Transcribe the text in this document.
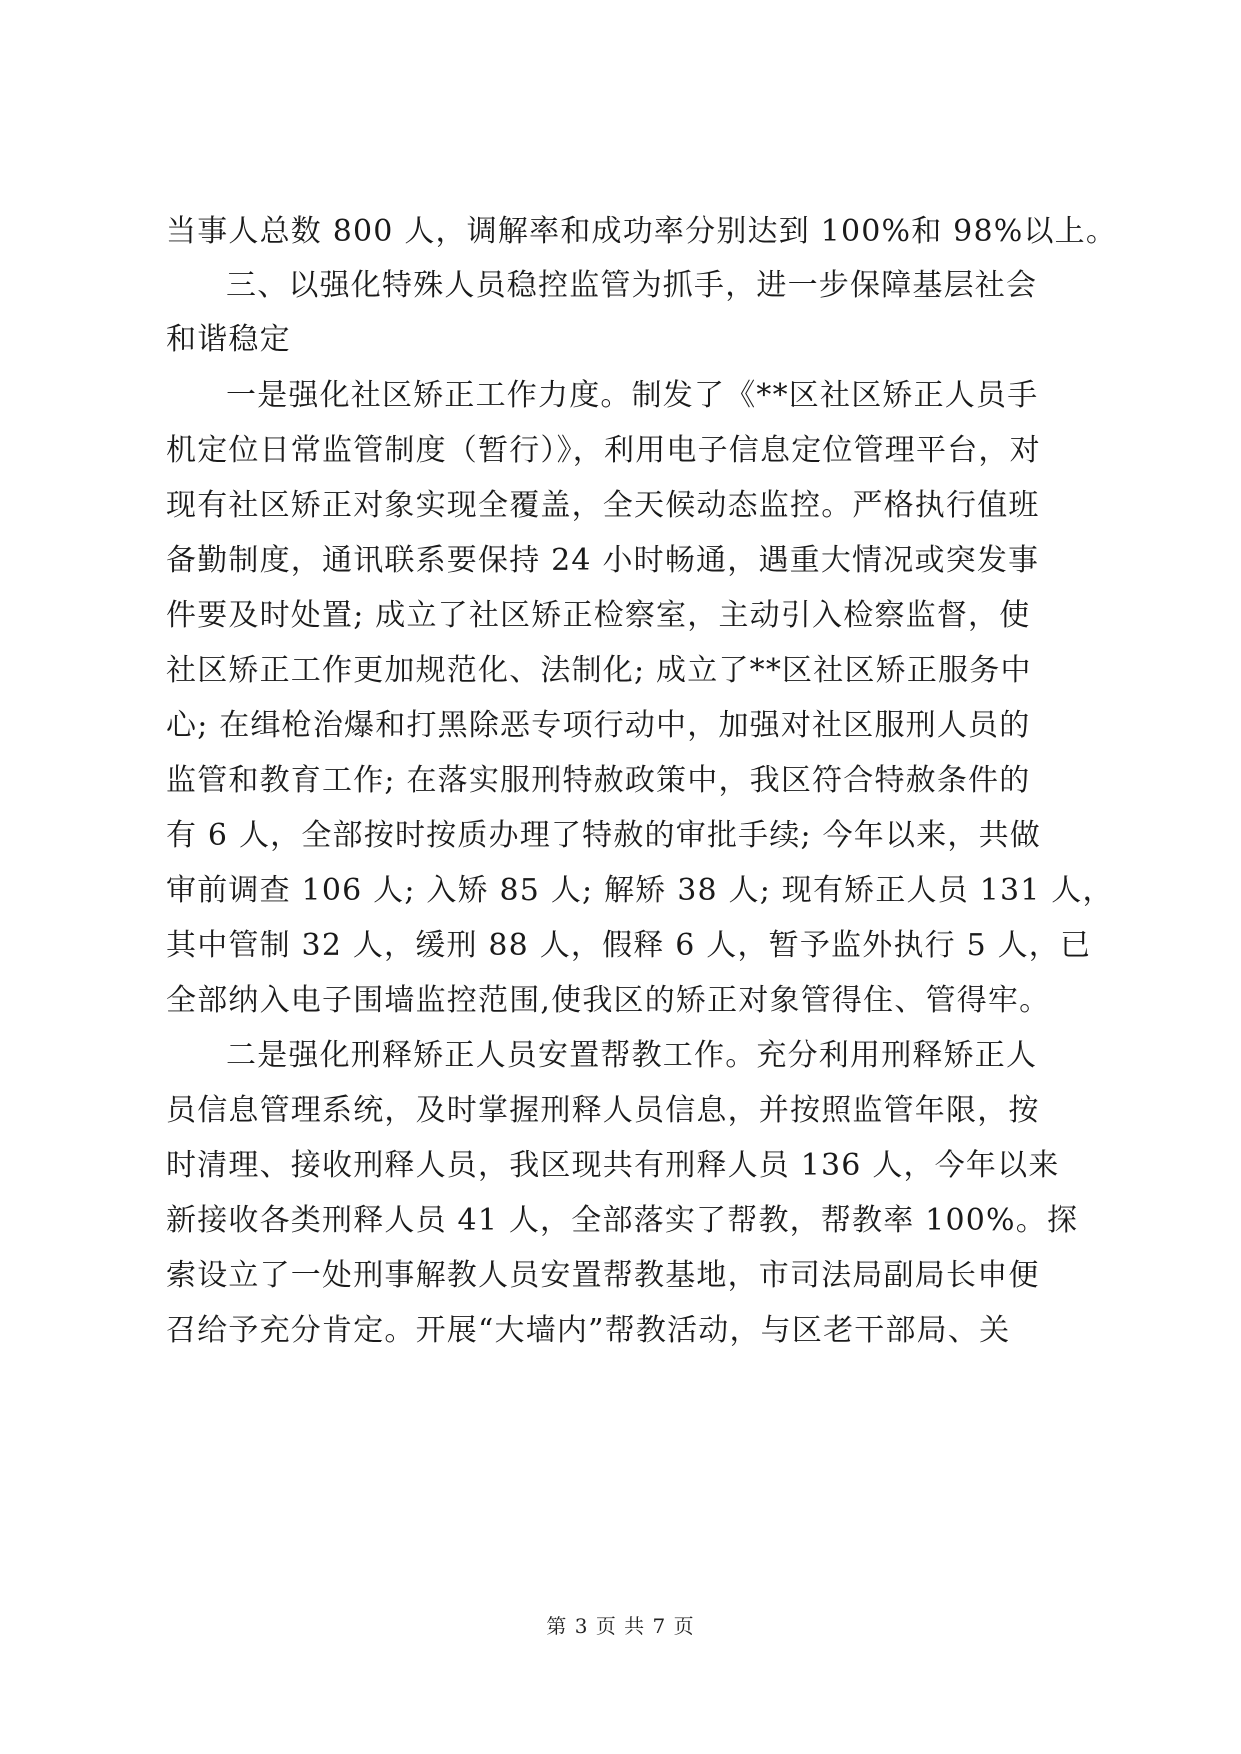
当事人总数 800 人，调解率和成功率分别达到 100%和 98%以上。
三、以强化特殊人员稳控监管为抓手，进一步保障基层社会
和谐稳定
一是强化社区矫正工作力度。制发了《**区社区矫正人员手
机定位日常监管制度（暂行）》，利用电子信息定位管理平台，对
现有社区矫正对象实现全覆盖，全天候动态监控。严格执行值班
备勤制度，通讯联系要保持 24 小时畅通，遇重大情况或突发事
件要及时处置; 成立了社区矫正检察室，主动引入检察监督，使
社区矫正工作更加规范化、法制化; 成立了**区社区矫正服务中
心; 在缉枪治爆和打黑除恶专项行动中，加强对社区服刑人员的
监管和教育工作; 在落实服刑特赦政策中，我区符合特赦条件的
有 6 人，全部按时按质办理了特赦的审批手续; 今年以来，共做
审前调查 106 人; 入矫 85 人; 解矫 38 人; 现有矫正人员 131 人，
其中管制 32 人，缓刑 88 人，假释 6 人，暂予监外执行 5 人，已
全部纳入电子围墙监控范围,使我区的矫正对象管得住、管得牢。
二是强化刑释矫正人员安置帮教工作。充分利用刑释矫正人
员信息管理系统，及时掌握刑释人员信息，并按照监管年限，按
时清理、接收刑释人员，我区现共有刑释人员 136 人，今年以来
新接收各类刑释人员 41 人，全部落实了帮教，帮教率 100%。探
索设立了一处刑事解教人员安置帮教基地，市司法局副局长申便
召给予充分肯定。开展“大墙内”帮教活动，与区老干部局、关
第 3 页 共 7 页
